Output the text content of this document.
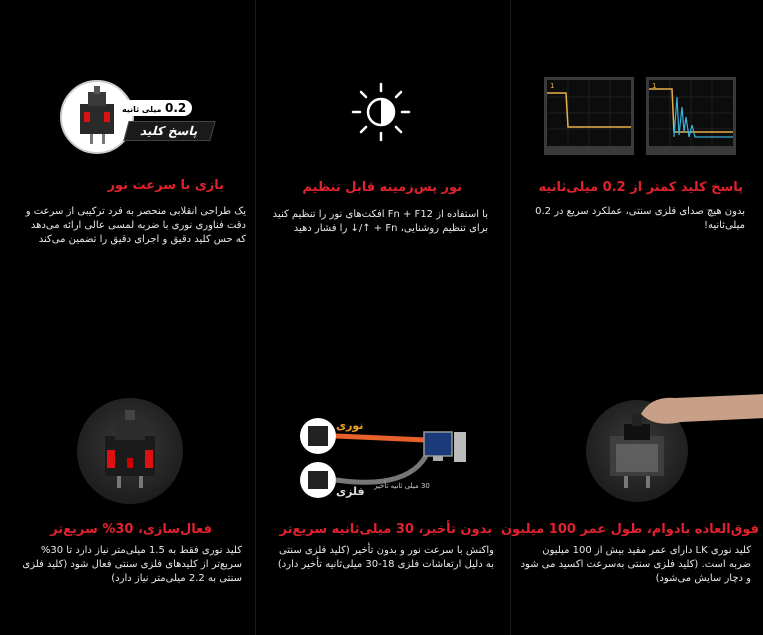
0.2 میلی ثانیه
پاسخ کلید
بازی با سرعت نور
یک طراحی انقلابی منحصر به فرد ترکیبی از سرعت و دقت فناوری نوری با ضربه لمسی عالی ارائه می‌دهد که حس کلید دقیق و اجرای دقیق را تضمین می‌کند
نور پس‌زمینه قابل تنظیم
با استفاده از Fn + F12 افکت‌های نور را تنظیم کنید برای تنظیم روشنایی، Fn + ↑/↓ را فشار دهید
1	1
پاسخ کلید کمتر از 0.2 میلی‌ثانیه
بدون هیچ صدای فلزی سنتی، عملکرد سریع در 0.2 میلی‌ثانیه!
فعال‌سازی، 30% سریع‌تر
کلید نوری فقط به 1.5 میلی‌متر نیاز دارد تا 30% سریع‌تر از کلیدهای فلزی سنتی فعال شود (کلید فلزی سنتی به 2.2 میلی‌متر نیاز دارد)
نوری
فلزی 30 میلی ثانیه تأخیر
بدون تأخیر، 30 میلی‌ثانیه سریع‌تر
واکنش با سرعت نور و بدون تأخیر (کلید فلزی سنتی به دلیل ارتعاشات فلزی 18-30 میلی‌ثانیه تأخیر دارد)
فوق‌العاده بادوام، طول عمر 100 میلیون
کلید نوری LK دارای عمر مفید بیش از 100 میلیون ضربه است. (کلید فلزی سنتی به‌سرعت اکسید می شود و دچار سایش می‌شود)
